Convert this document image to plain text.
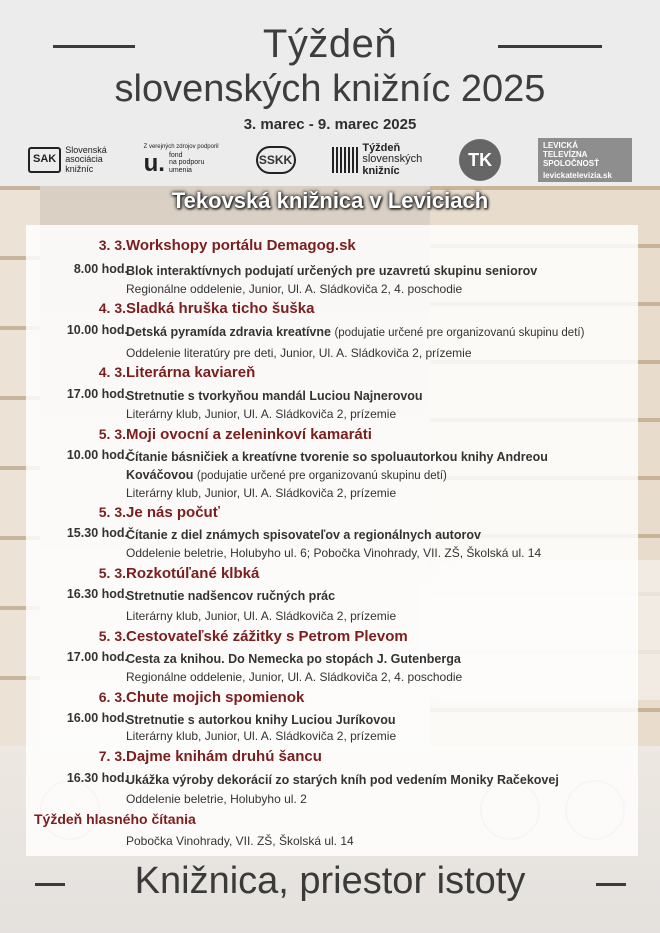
Týždeň
slovenských knižníc 2025
3. marec - 9. marec 2025
SAK
Slovenská
asociácia
knižníc
Z verejných zdrojov podporil
u. fond
na podporu
umenia
SSKK
Týždeň
slovenských
knižníc
TK
LEVICKÁ
TELEVÍZNA
SPOLOČNOSŤ
levickatelevizia.sk
Tekovská knižnica v Leviciach
3. 3. Workshopy portálu Demagog.sk
8.00 hod.
Blok interaktívnych podujatí určených pre uzavretú skupinu seniorov
Regionálne oddelenie, Junior, Ul. A. Sládkoviča 2, 4. poschodie
4. 3. Sladká hruška ticho šuška
10.00 hod.
Detská pyramída zdravia kreatívne (podujatie určené pre organizovanú skupinu detí)
Oddelenie literatúry pre deti, Junior, Ul. A. Sládkoviča 2, prízemie
4. 3. Literárna kaviareň
17.00 hod.
Stretnutie s tvorkyňou mandál Luciou Najnerovou
Literárny klub, Junior, Ul. A. Sládkoviča 2, prízemie
5. 3. Moji ovocní a zeleninkoví kamaráti
10.00 hod.
Čítanie básničiek a kreatívne tvorenie so spoluautorkou knihy Andreou Kováčovou (podujatie určené pre organizovanú skupinu detí)
Literárny klub, Junior, Ul. A. Sládkoviča 2, prízemie
5. 3. Je nás počuť
15.30 hod.
Čítanie z diel známych spisovateľov a regionálnych autorov
Oddelenie beletrie, Holubyho ul. 6; Pobočka Vinohrady, VII. ZŠ, Školská ul. 14
5. 3. Rozkotúľané klbká
16.30 hod.
Stretnutie nadšencov ručných prác
Literárny klub, Junior, Ul. A. Sládkoviča 2, prízemie
5. 3. Cestovateľské zážitky s Petrom Plevom
17.00 hod.
Cesta za knihou. Do Nemecka po stopách J. Gutenberga
Regionálne oddelenie, Junior, Ul. A. Sládkoviča 2, 4. poschodie
6. 3. Chute mojich spomienok
16.00 hod.
Stretnutie s autorkou knihy Luciou Juríkovou
Literárny klub, Junior, Ul. A. Sládkoviča 2, prízemie
7. 3. Dajme knihám druhú šancu
16.30 hod.
Ukážka výroby dekorácií zo starých kníh pod vedením Moniky Račekovej
Oddelenie beletrie, Holubyho ul. 2
Týždeň hlasného čítania
Pobočka Vinohrady, VII. ZŠ, Školská ul. 14
Knižnica, priestor istoty
